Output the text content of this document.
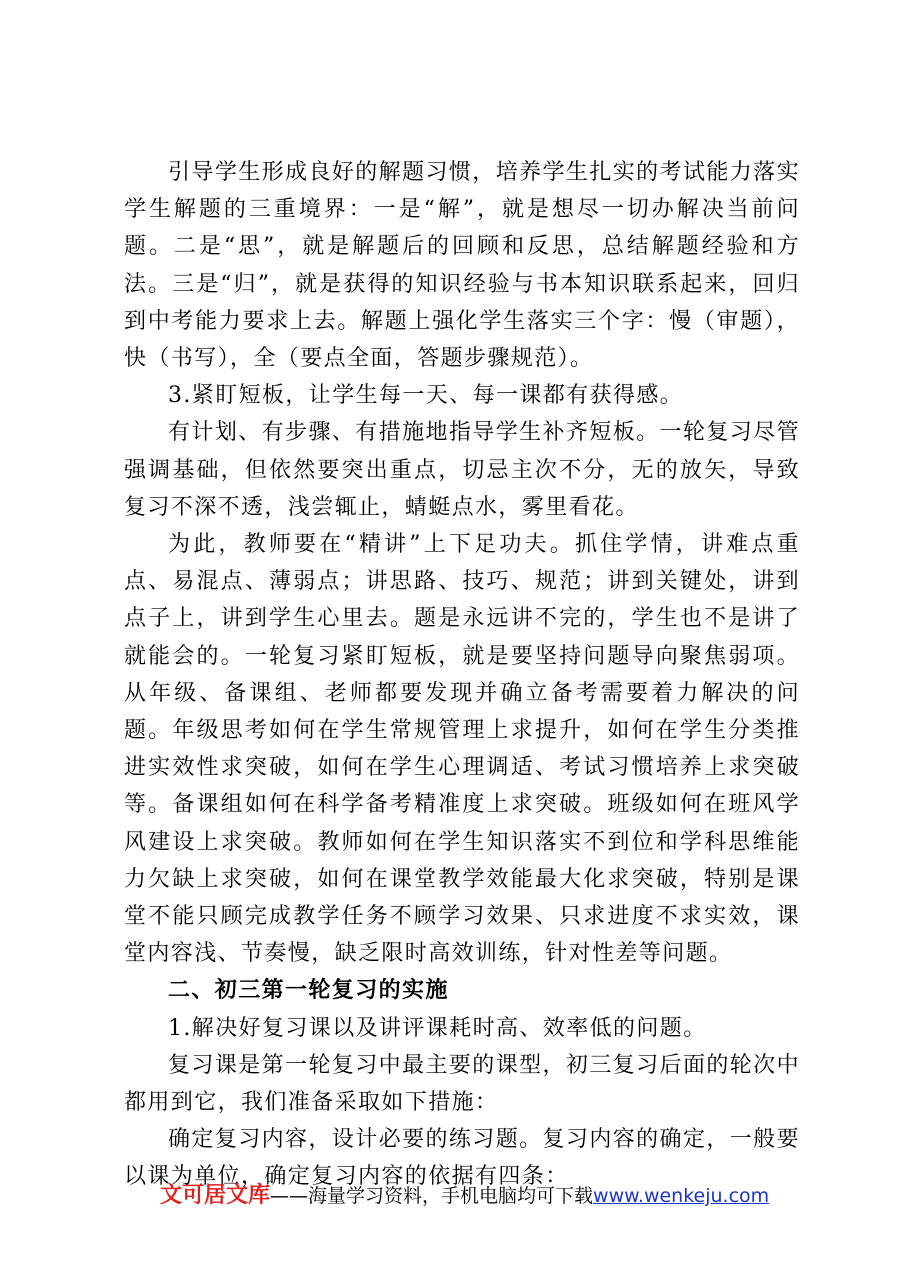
引导学生形成良好的解题习惯，培养学生扎实的考试能力落实学生解题的三重境界：一是“解”，就是想尽一切办解决当前问题。二是“思”，就是解题后的回顾和反思，总结解题经验和方法。三是“归”，就是获得的知识经验与书本知识联系起来，回归到中考能力要求上去。解题上强化学生落实三个字：慢（审题），快（书写），全（要点全面，答题步骤规范）。

3.紧盯短板，让学生每一天、每一课都有获得感。

有计划、有步骤、有措施地指导学生补齐短板。一轮复习尽管强调基础，但依然要突出重点，切忌主次不分，无的放矢，导致复习不深不透，浅尝辄止，蜻蜓点水，雾里看花。

为此，教师要在“精讲”上下足功夫。抓住学情，讲难点重点、易混点、薄弱点；讲思路、技巧、规范；讲到关键处，讲到点子上，讲到学生心里去。题是永远讲不完的，学生也不是讲了就能会的。一轮复习紧盯短板，就是要坚持问题导向聚焦弱项。从年级、备课组、老师都要发现并确立备考需要着力解决的问题。年级思考如何在学生常规管理上求提升，如何在学生分类推进实效性求突破，如何在学生心理调适、考试习惯培养上求突破等。备课组如何在科学备考精准度上求突破。班级如何在班风学风建设上求突破。教师如何在学生知识落实不到位和学科思维能力欠缺上求突破，如何在课堂教学效能最大化求突破，特别是课堂不能只顾完成教学任务不顾学习效果、只求进度不求实效，课堂内容浅、节奏慢，缺乏限时高效训练，针对性差等问题。

二、初三第一轮复习的实施

1.解决好复习课以及讲评课耗时高、效率低的问题。

复习课是第一轮复习中最主要的课型，初三复习后面的轮次中都用到它，我们准备采取如下措施：

确定复习内容，设计必要的练习题。复习内容的确定，一般要以课为单位，确定复习内容的依据有四条：

文可居文库——海量学习资料，手机电脑均可下载www.wenkeju.com
